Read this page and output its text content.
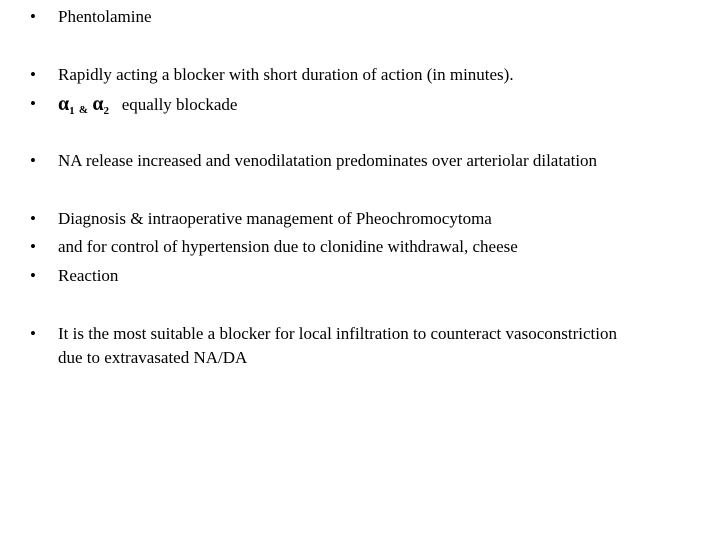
•	Phentolamine
•	Rapidly acting a blocker with short duration of action (in minutes).
•	$\alpha_1$ & $\alpha_2$ equally blockade
•	NA release increased and venodilatation predominates over arteriolar dilatation
•	Diagnosis & intraoperative management of Pheochromocytoma
•	and for control of hypertension due to clonidine withdrawal, cheese
•	Reaction
•	It is the most suitable a blocker for local infiltration to counteract vasoconstriction due to extravasated NA/DA
